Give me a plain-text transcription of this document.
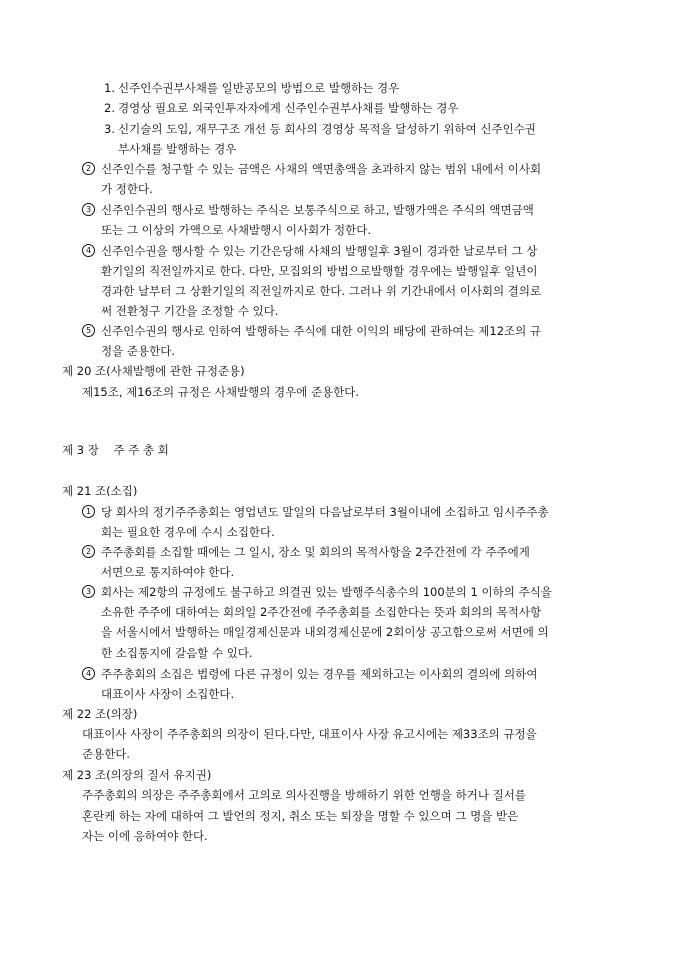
1. 신주인수권부사채를 일반공모의 방법으로 발행하는 경우
2. 경영상 필요로 외국인투자자에게 신주인수권부사채를 발행하는 경우
3. 신기술의 도입, 재무구조 개선 등 회사의 경영상 목적을 달성하기 위하여 신주인수권
부사채를 발행하는 경우
2 신주인수를 청구할 수 있는 금액은 사채의 액면총액을 초과하지 않는 범위 내에서 이사회
가 정한다.
3 신주인수권의 행사로 발행하는 주식은 보통주식으로 하고, 발행가액은 주식의 액면금액
또는 그 이상의 가액으로 사채발행시 이사회가 정한다.
4 신주인수권을 행사할 수 있는 기간은당해 사채의 발행일후 3월이 경과한 날로부터 그 상
환기일의 직전일까지로 한다. 다만, 모집외의 방법으로발행할 경우에는 발행일후 일년이
경과한 날부터 그 상환기일의 직전일까지로 한다. 그러나 위 기간내에서 이사회의 결의로
써 전환청구 기간을 조정할 수 있다.
5 신주인수권의 행사로 인하여 발행하는 주식에 대한 이익의 배당에 관하여는 제12조의 규
정을 준용한다.
제 20 조(사채발행에 관한 규정준용)
제15조, 제16조의 규정은 사채발행의 경우에 준용한다.
제 3 장    주 주 총 회
제 21 조(소집)
1 당 회사의 정기주주총회는 영업년도 말일의 다음날로부터 3월이내에 소집하고 임시주주총
회는 필요한 경우에 수시 소집한다.
2 주주총회를 소집할 때에는 그 일시, 장소 및 회의의 목적사항을 2주간전에 각 주주에게
서면으로 통지하여야 한다.
3 회사는 제2항의 규정에도 불구하고 의결권 있는 발행주식총수의 100분의 1 이하의 주식을
소유한 주주에 대하여는 회의일 2주간전에 주주총회를 소집한다는 뜻과 회의의 목적사항
을 서울시에서 발행하는 매일경제신문과 내외경제신문에 2회이상 공고함으로써 서면에 의
한 소집통지에 갈음할 수 있다.
4 주주총회의 소집은 법령에 다른 규정이 있는 경우를 제외하고는 이사회의 결의에 의하여
대표이사 사장이 소집한다.
제 22 조(의장)
대표이사 사장이 주주총회의 의장이 된다.다만, 대표이사 사장 유고시에는 제33조의 규정을
준용한다.
제 23 조(의장의 질서 유지권)
주주총회의 의장은 주주총회에서 고의로 의사진행을 방해하기 위한 언행을 하거나 질서를
혼란케 하는 자에 대하여 그 발언의 정지, 취소 또는 퇴장을 명할 수 있으며 그 명을 받은
자는 이에 응하여야 한다.
